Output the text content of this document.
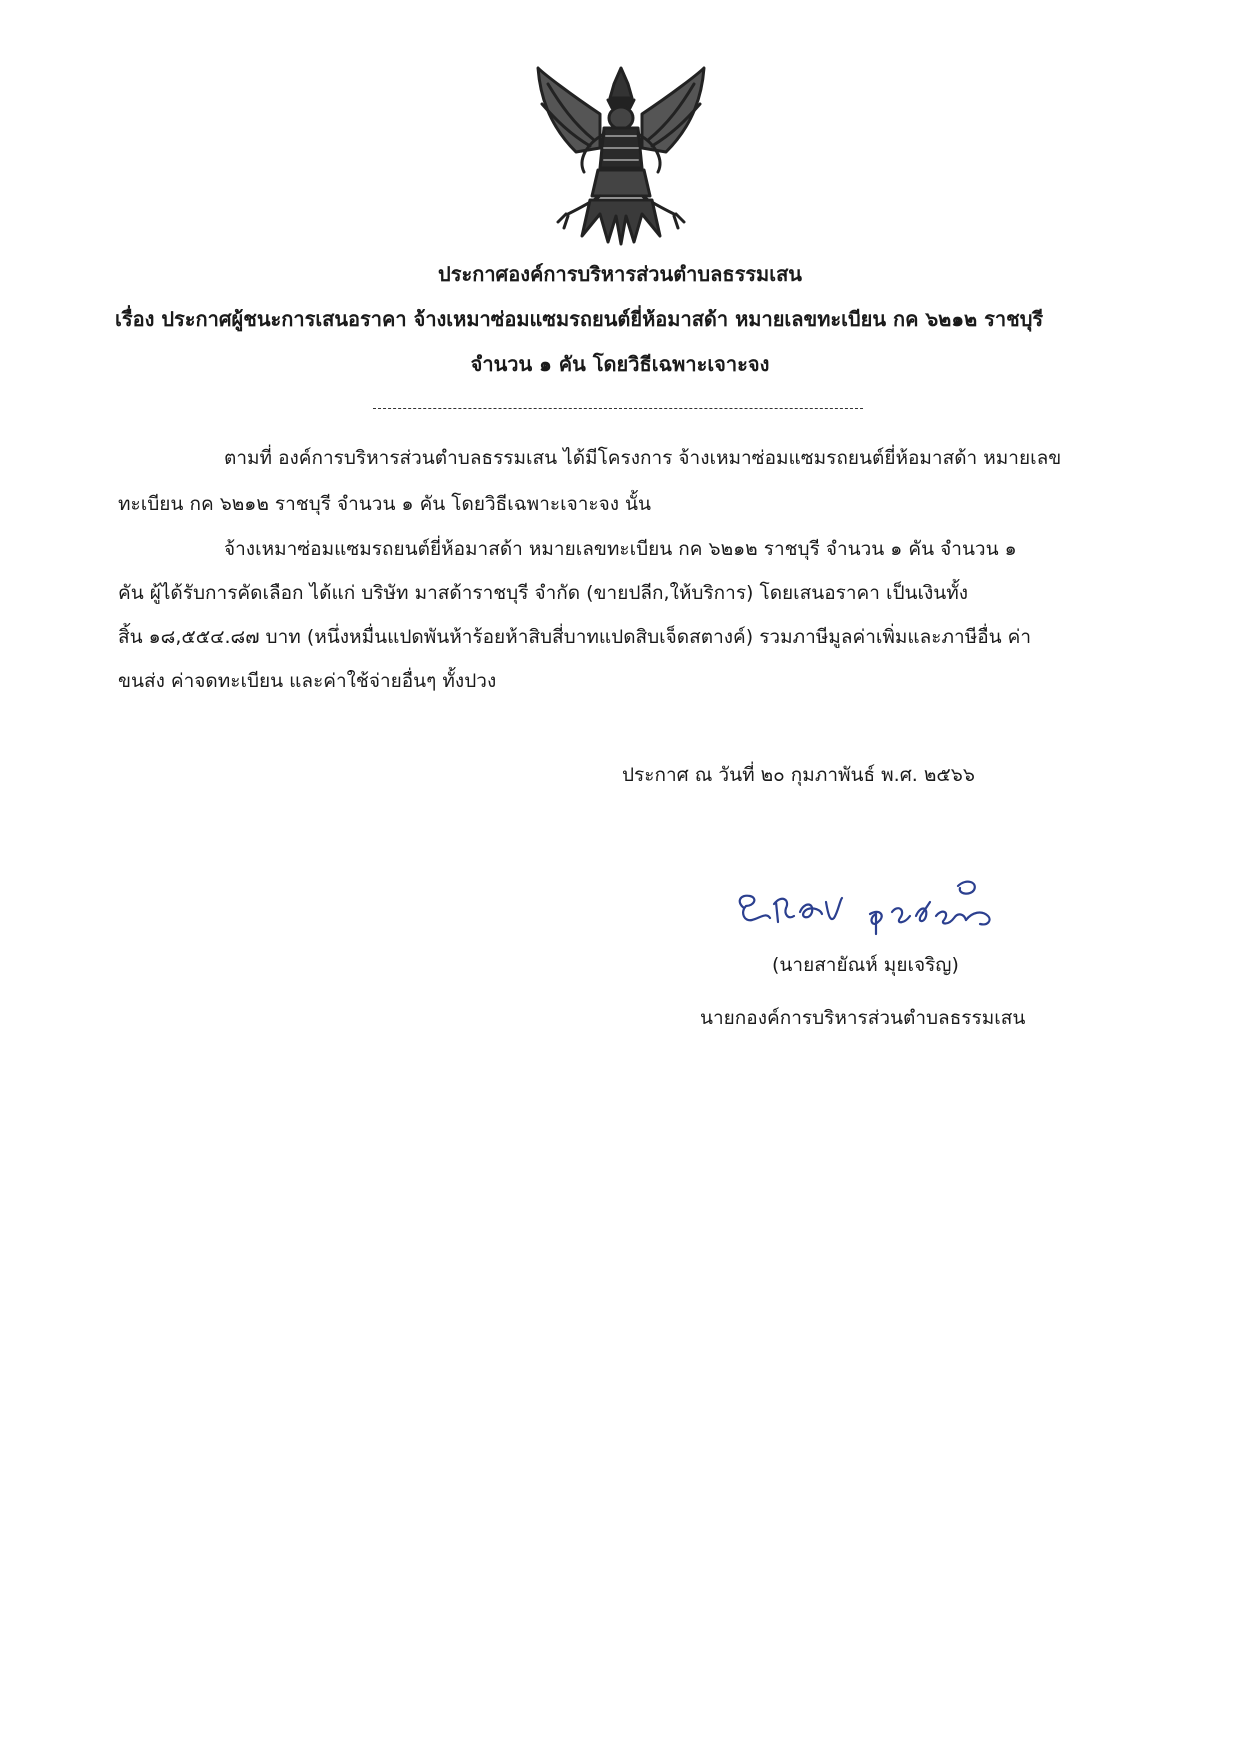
ประกาศองค์การบริหารส่วนตำบลธรรมเสน
เรื่อง ประกาศผู้ชนะการเสนอราคา จ้างเหมาซ่อมแซมรถยนต์ยี่ห้อมาสด้า หมายเลขทะเบียน กค ๖๒๑๒ ราชบุรี
จำนวน ๑ คัน โดยวิธีเฉพาะเจาะจง
ตามที่ องค์การบริหารส่วนตำบลธรรมเสน ได้มีโครงการ จ้างเหมาซ่อมแซมรถยนต์ยี่ห้อมาสด้า หมายเลข
ทะเบียน กค ๖๒๑๒ ราชบุรี จำนวน ๑ คัน โดยวิธีเฉพาะเจาะจง นั้น
จ้างเหมาซ่อมแซมรถยนต์ยี่ห้อมาสด้า หมายเลขทะเบียน กค ๖๒๑๒ ราชบุรี จำนวน ๑ คัน จำนวน ๑
คัน ผู้ได้รับการคัดเลือก ได้แก่ บริษัท มาสด้าราชบุรี จำกัด (ขายปลีก,ให้บริการ) โดยเสนอราคา เป็นเงินทั้ง
สิ้น ๑๘,๕๕๔.๘๗ บาท (หนึ่งหมื่นแปดพันห้าร้อยห้าสิบสี่บาทแปดสิบเจ็ดสตางค์) รวมภาษีมูลค่าเพิ่มและภาษีอื่น ค่า
ขนส่ง ค่าจดทะเบียน และค่าใช้จ่ายอื่นๆ ทั้งปวง
ประกาศ ณ วันที่ ๒๐ กุมภาพันธ์ พ.ศ. ๒๕๖๖
(นายสายัณห์ มุยเจริญ)
นายกองค์การบริหารส่วนตำบลธรรมเสน
